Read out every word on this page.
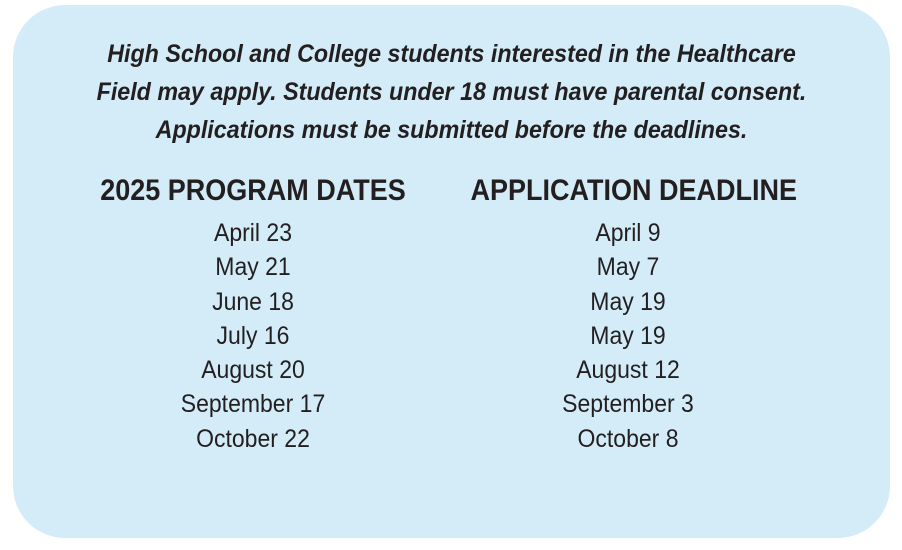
High School and College students interested in the Healthcare
Field may apply. Students under 18 must have parental consent.
Applications must be submitted before the deadlines.
2025 PROGRAM DATES
April 23
May 21
June 18
July 16
August 20
September 17
October 22
APPLICATION DEADLINE
April 9
May 7
May 19
May 19
August 12
September 3
October 8
